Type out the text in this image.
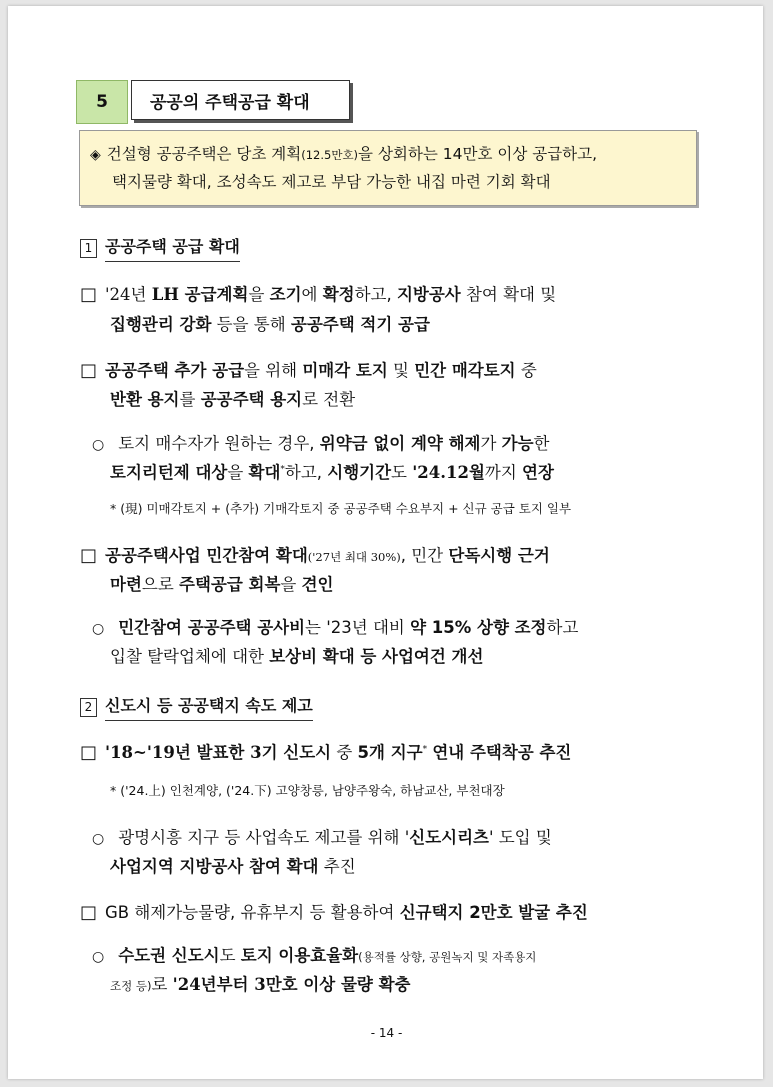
5 공공의 주택공급 확대
◈ 건설형 공공주택은 당초 계획(12.5만호)을 상회하는 14만호 이상 공급하고,
택지물량 확대, 조성속도 제고로 부담 가능한 내집 마련 기회 확대
1 공공주택 공급 확대
□ '24년 LH 공급계획을 조기에 확정하고, 지방공사 참여 확대 및
집행관리 강화 등을 통해 공공주택 적기 공급
□ 공공주택 추가 공급을 위해 미매각 토지 및 민간 매각토지 중
반환 용지를 공공주택 용지로 전환
○ 토지 매수자가 원하는 경우, 위약금 없이 계약 해제가 가능한
토지리턴제 대상을 확대*하고, 시행기간도 '24.12월까지 연장
* (現) 미매각토지 + (추가) 기매각토지 중 공공주택 수요부지 + 신규 공급 토지 일부
□ 공공주택사업 민간참여 확대('27년 최대 30%), 민간 단독시행 근거
마련으로 주택공급 회복을 견인
○ 민간참여 공공주택 공사비는 '23년 대비 약 15% 상향 조정하고
입찰 탈락업체에 대한 보상비 확대 등 사업여건 개선
2 신도시 등 공공택지 속도 제고
□ '18~'19년 발표한 3기 신도시 중 5개 지구* 연내 주택착공 추진
* ('24.上) 인천계양, ('24.下) 고양창릉, 남양주왕숙, 하남교산, 부천대장
○ 광명시흥 지구 등 사업속도 제고를 위해 '신도시리츠' 도입 및
사업지역 지방공사 참여 확대 추진
□ GB 해제가능물량, 유휴부지 등 활용하여 신규택지 2만호 발굴 추진
○ 수도권 신도시도 토지 이용효율화(용적률 상향, 공원녹지 및 자족용지
조정 등)로 '24년부터 3만호 이상 물량 확충
- 14 -
